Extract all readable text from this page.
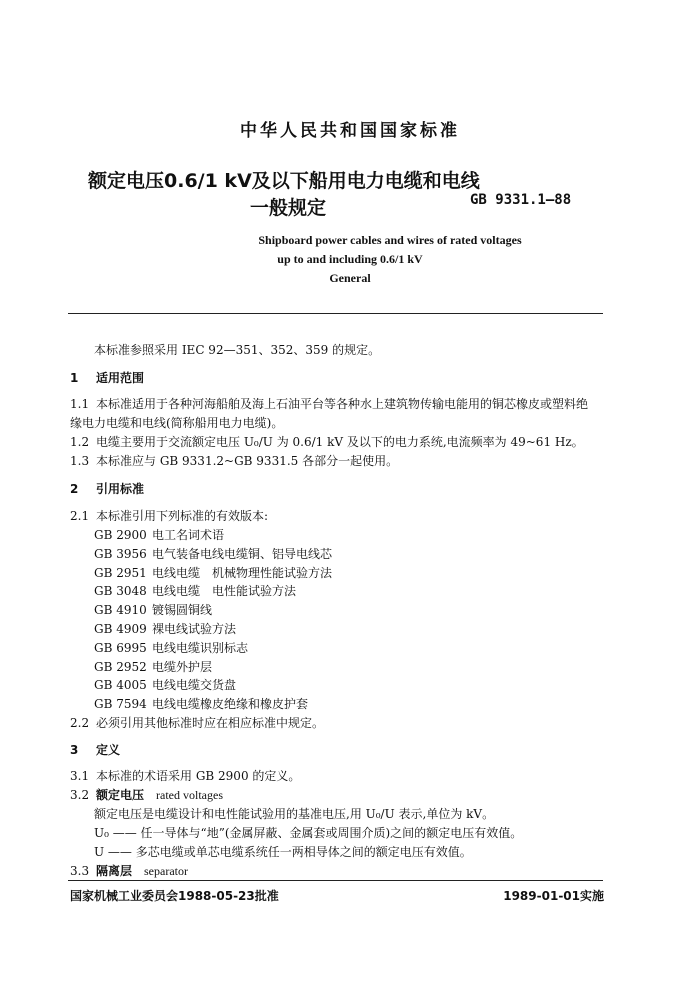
中华人民共和国国家标准
额定电压0.6/1 kV及以下船用电力电缆和电线
一般规定	GB 9331.1—88
Shipboard power cables and wires of rated voltages
up to and including 0.6/1 kV
General
本标准参照采用 IEC 92—351、352、359 的规定。
1 适用范围
1.1 本标准适用于各种河海船舶及海上石油平台等各种水上建筑物传输电能用的铜芯橡皮或塑料绝
缘电力电缆和电线(简称船用电力电缆)。
1.2 电缆主要用于交流额定电压 U₀/U 为 0.6/1 kV 及以下的电力系统,电流频率为 49~61 Hz。
1.3 本标准应与 GB 9331.2~GB 9331.5 各部分一起使用。
2 引用标准
2.1 本标准引用下列标准的有效版本:
GB 2900 电工名词术语
GB 3956 电气装备电线电缆铜、铝导电线芯
GB 2951 电线电缆　机械物理性能试验方法
GB 3048 电线电缆　电性能试验方法
GB 4910 镀锡圆铜线
GB 4909 裸电线试验方法
GB 6995 电线电缆识别标志
GB 2952 电缆外护层
GB 4005 电线电缆交货盘
GB 7594 电线电缆橡皮绝缘和橡皮护套
2.2 必须引用其他标准时应在相应标准中规定。
3 定义
3.1 本标准的术语采用 GB 2900 的定义。
3.2 额定电压 rated voltages
额定电压是电缆设计和电性能试验用的基准电压,用 U₀/U 表示,单位为 kV。
U₀ —— 任一导体与“地”(金属屏蔽、金属套或周围介质)之间的额定电压有效值。
U —— 多芯电缆或单芯电缆系统任一两相导体之间的额定电压有效值。
3.3 隔离层 separator
国家机械工业委员会1988-05-23批准	1989-01-01实施
